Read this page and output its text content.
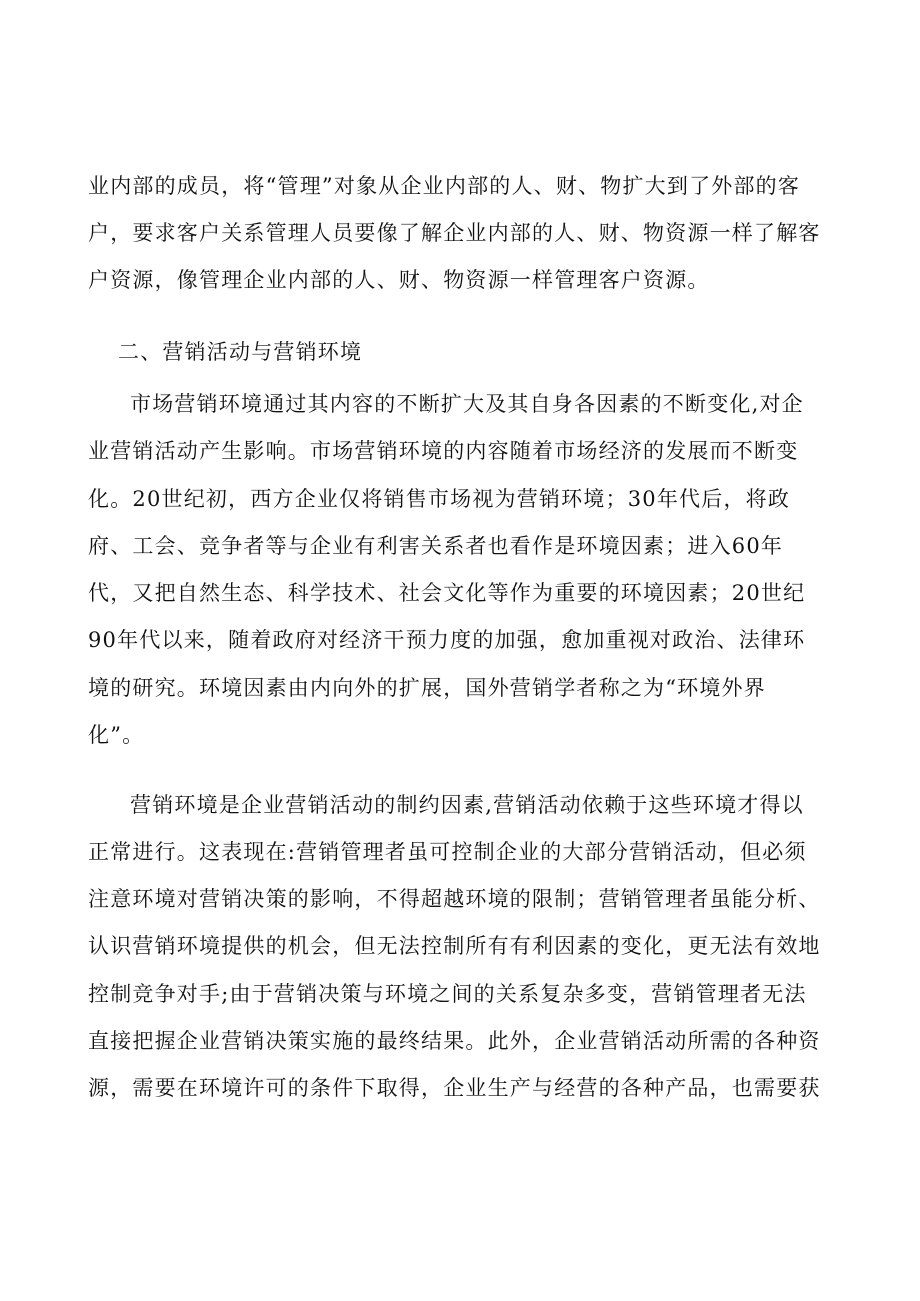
业内部的成员，将“管理”对象从企业内部的人、财、物扩大到了外部的客
户，要求客户关系管理人员要像了解企业内部的人、财、物资源一样了解客
户资源，像管理企业内部的人、财、物资源一样管理客户资源。
二、营销活动与营销环境
市场营销环境通过其内容的不断扩大及其自身各因素的不断变化,对企
业营销活动产生影响。市场营销环境的内容随着市场经济的发展而不断变
化。20世纪初，西方企业仅将销售市场视为营销环境；30年代后，将政
府、工会、竞争者等与企业有利害关系者也看作是环境因素；进入60年
代，又把自然生态、科学技术、社会文化等作为重要的环境因素；20世纪
90年代以来，随着政府对经济干预力度的加强，愈加重视对政治、法律环
境的研究。环境因素由内向外的扩展，国外营销学者称之为“环境外界
化”。
营销环境是企业营销活动的制约因素,营销活动依赖于这些环境才得以
正常进行。这表现在:营销管理者虽可控制企业的大部分营销活动，但必须
注意环境对营销决策的影响，不得超越环境的限制；营销管理者虽能分析、
认识营销环境提供的机会，但无法控制所有有利因素的变化，更无法有效地
控制竞争对手;由于营销决策与环境之间的关系复杂多变，营销管理者无法
直接把握企业营销决策实施的最终结果。此外，企业营销活动所需的各种资
源，需要在环境许可的条件下取得，企业生产与经营的各种产品，也需要获
